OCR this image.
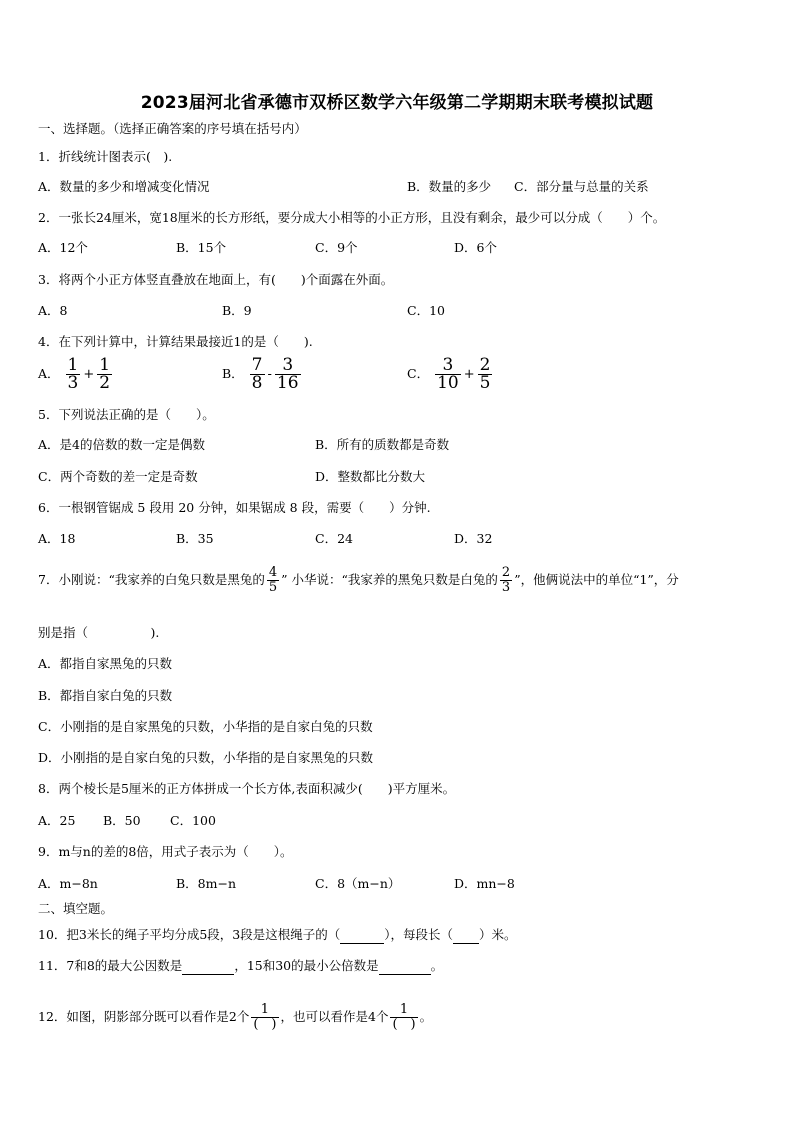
2023届河北省承德市双桥区数学六年级第二学期期末联考模拟试题
一、选择题。（选择正确答案的序号填在括号内）
1．折线统计图表示(　).
A．数量的多少和增减变化情况	B．数量的多少 C．部分量与总量的关系
2．一张长24厘米，宽18厘米的长方形纸，要分成大小相等的小正方形，且没有剩余，最少可以分成（　　）个。
A．12个	B．15个	C．9个	D．6个
3．将两个小正方体竖直叠放在地面上，有(　　)个面露在外面。
A．8	B．9	C．10
4．在下列计算中，计算结果最接近1的是（　　).
A． $\frac{1}{3} + \frac{1}{2}$	B． $\frac{7}{8} - \frac{3}{16}$	C． $\frac{3}{10} + \frac{2}{5}$
5．下列说法正确的是（　　）。
A．是4的倍数的数一定是偶数	B．所有的质数都是奇数
C．两个奇数的差一定是奇数	D．整数都比分数大
6．一根钢管锯成 5 段用 20 分钟，如果锯成 8 段，需要（　　）分钟.
A．18	B．35	C．24	D．32
7．小刚说：“我家养的白兔只数是黑兔的 $\frac{4}{5}$ ” 小华说：“我家养的黑兔只数是白兔的 $\frac{2}{3}$ ”，他俩说法中的单位“1”，分
别是指（　　　　　).
A．都指自家黑兔的只数
B．都指自家白兔的只数
C．小刚指的是自家黑兔的只数，小华指的是自家白兔的只数
D．小刚指的是自家白兔的只数，小华指的是自家黑兔的只数
8．两个棱长是5厘米的正方体拼成一个长方体,表面积减少(　　)平方厘米。
A．25 B．50 C．100
9．m与n的差的8倍，用式子表示为（　　）。
A．m−8n	B．8m−n	C．8（m−n）	D．mn−8
二、填空题。
10．把3米长的绳子平均分成5段，3段是这根绳子的（	），每段长（ ）米。
11．7和8的最大公因数是	，15和30的最小公倍数是	。
12．如图，阴影部分既可以看作是2个 $\frac{1}{( )}$ ，也可以看作是4个 $\frac{1}{( )}$ 。
